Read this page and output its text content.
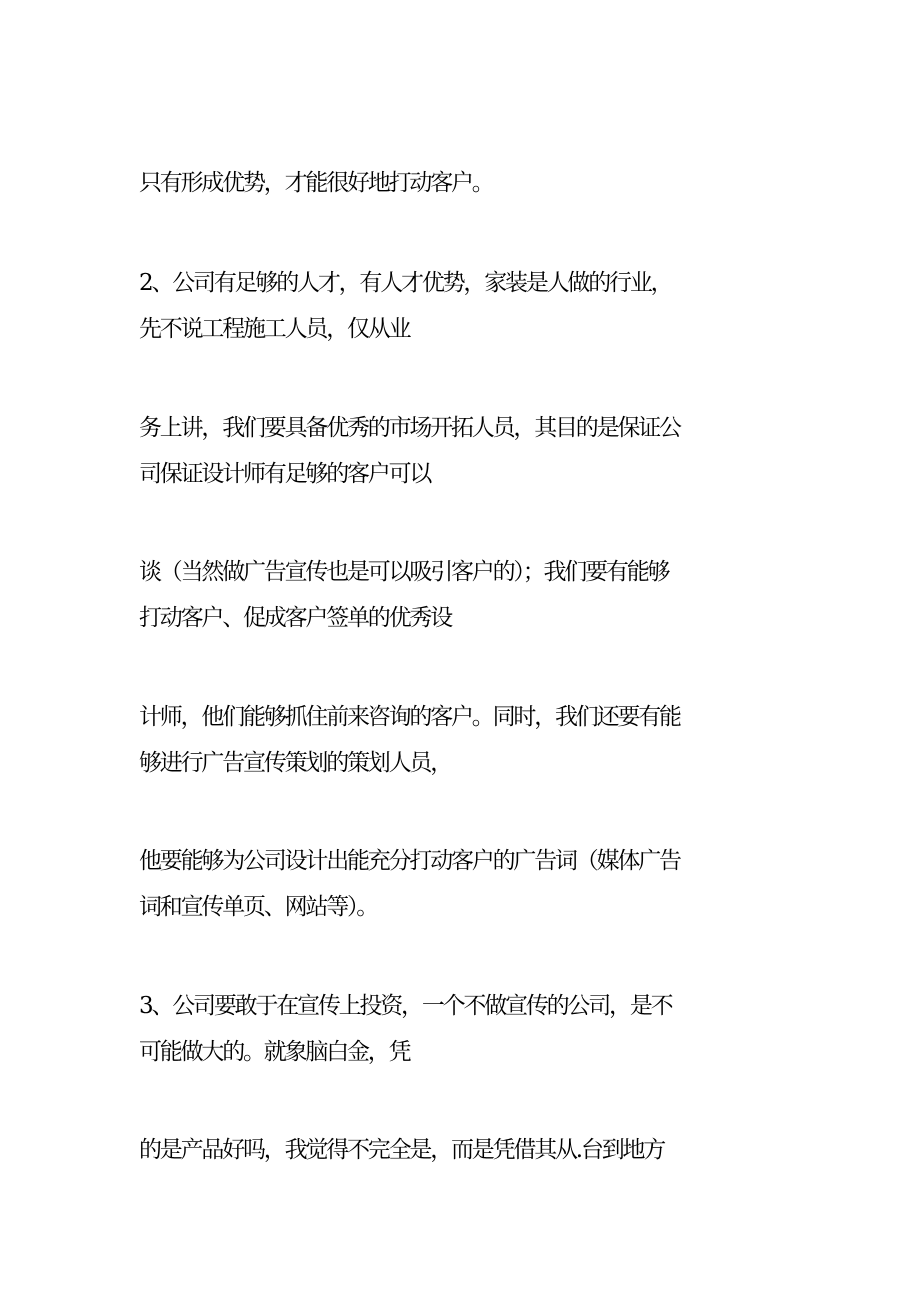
只有形成优势，才能很好地打动客户。

2、公司有足够的人才，有人才优势，家装是人做的行业，

先不说工程施工人员，仅从业

务上讲，我们要具备优秀的市场开拓人员，其目的是保证公

司保证设计师有足够的客户可以

谈（当然做广告宣传也是可以吸引客户的）；我们要有能够

打动客户、促成客户签单的优秀设

计师，他们能够抓住前来咨询的客户。同时，我们还要有能

够进行广告宣传策划的策划人员，

他要能够为公司设计出能充分打动客户的广告词（媒体广告

词和宣传单页、网站等）。

3、公司要敢于在宣传上投资，一个不做宣传的公司，是不

可能做大的。就象脑白金，凭

的是产品好吗，我觉得不完全是，而是凭借其从.台到地方
